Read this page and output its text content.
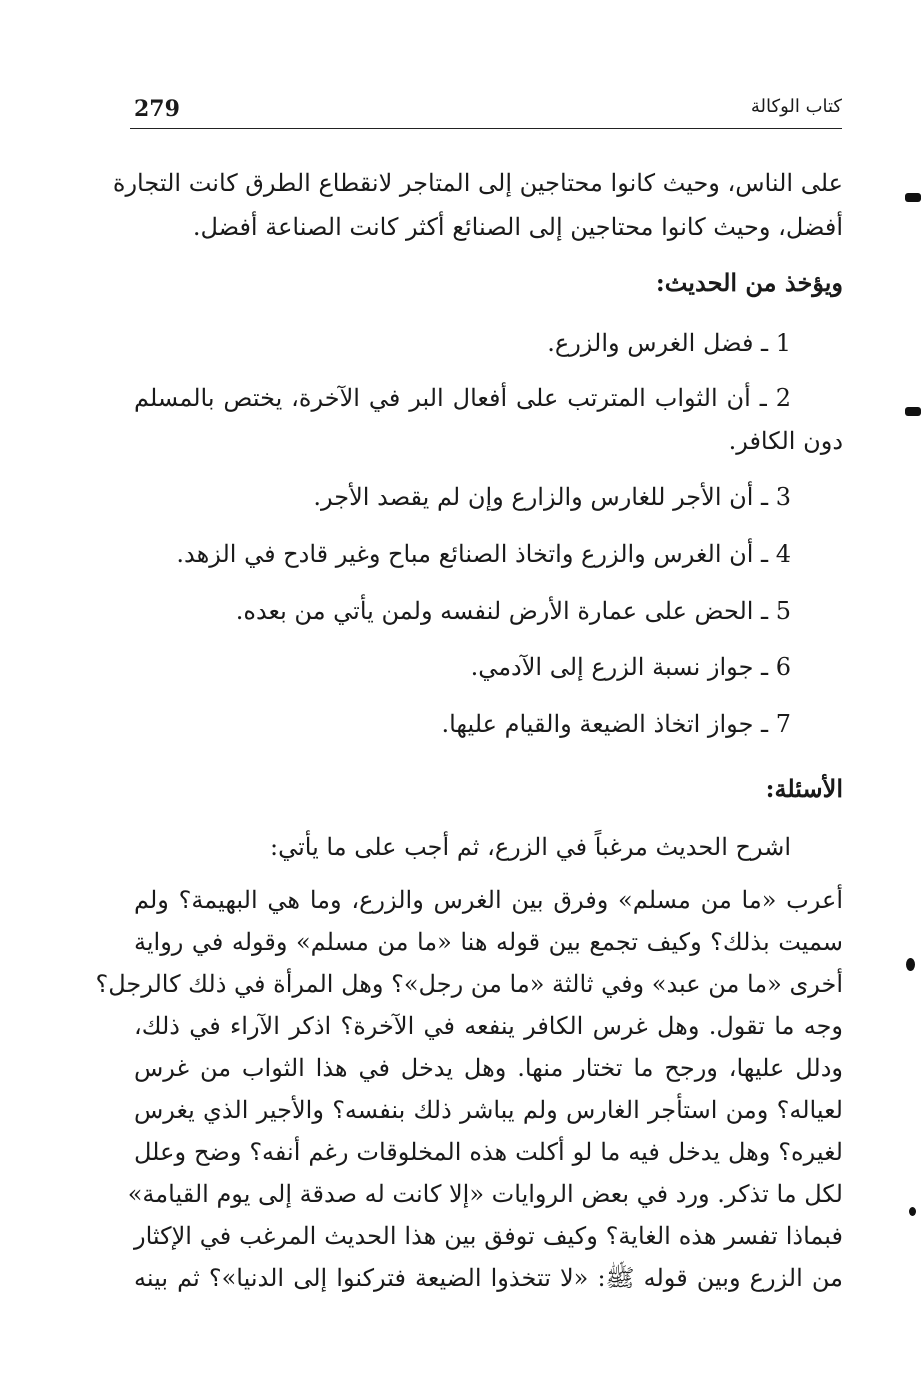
279	كتاب الوكالة
على الناس، وحيث كانوا محتاجين إلى المتاجر لانقطاع الطرق كانت التجارة
أفضل، وحيث كانوا محتاجين إلى الصنائع أكثر كانت الصناعة أفضل.
ويؤخذ من الحديث:
1 ـ فضل الغرس والزرع.
2 ـ أن الثواب المترتب على أفعال البر في الآخرة، يختص بالمسلم
دون الكافر.
3 ـ أن الأجر للغارس والزارع وإن لم يقصد الأجر.
4 ـ أن الغرس والزرع واتخاذ الصنائع مباح وغير قادح في الزهد.
5 ـ الحض على عمارة الأرض لنفسه ولمن يأتي من بعده.
6 ـ جواز نسبة الزرع إلى الآدمي.
7 ـ جواز اتخاذ الضيعة والقيام عليها.
الأسئلة:
اشرح الحديث مرغباً في الزرع، ثم أجب على ما يأتي:
أعرب «ما من مسلم» وفرق بين الغرس والزرع، وما هي البهيمة؟ ولم
سميت بذلك؟ وكيف تجمع بين قوله هنا «ما من مسلم» وقوله في رواية
أخرى «ما من عبد» وفي ثالثة «ما من رجل»؟ وهل المرأة في ذلك كالرجل؟
وجه ما تقول. وهل غرس الكافر ينفعه في الآخرة؟ اذكر الآراء في ذلك،
ودلل عليها، ورجح ما تختار منها. وهل يدخل في هذا الثواب من غرس
لعياله؟ ومن استأجر الغارس ولم يباشر ذلك بنفسه؟ والأجير الذي يغرس
لغيره؟ وهل يدخل فيه ما لو أكلت هذه المخلوقات رغم أنفه؟ وضح وعلل
لكل ما تذكر. ورد في بعض الروايات «إلا كانت له صدقة إلى يوم القيامة»
فبماذا تفسر هذه الغاية؟ وكيف توفق بين هذا الحديث المرغب في الإكثار
من الزرع وبين قوله ﷺ: «لا تتخذوا الضيعة فتركنوا إلى الدنيا»؟ ثم بينه
